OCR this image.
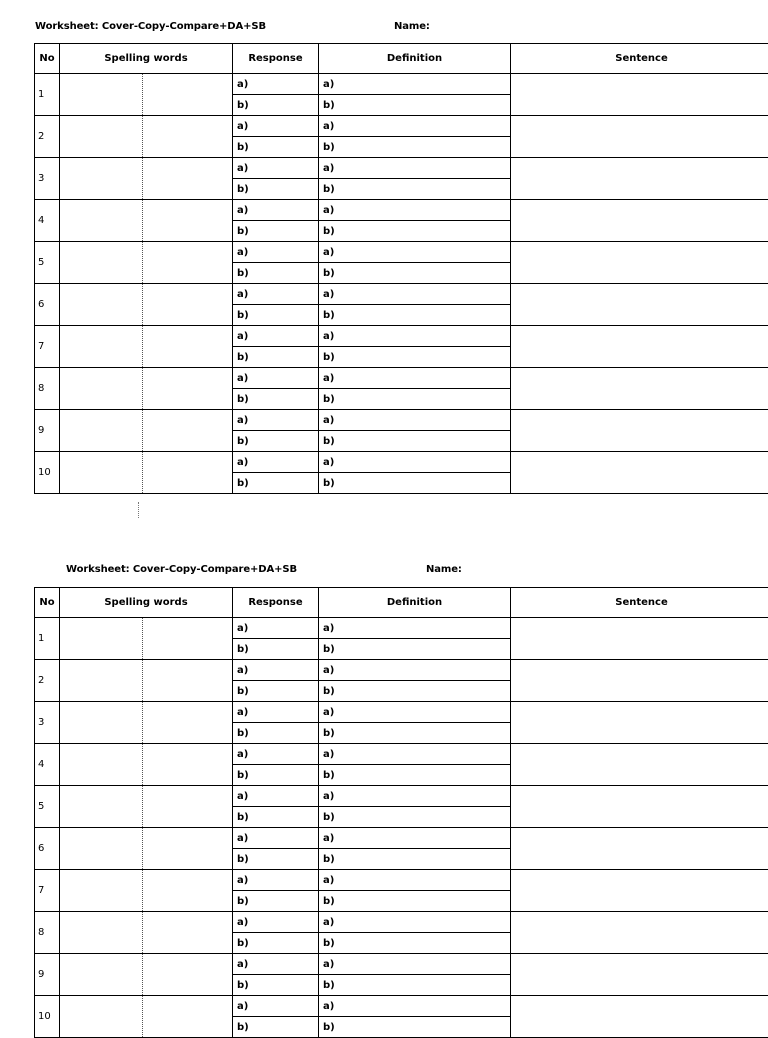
Worksheet: Cover-Copy-Compare+DA+SB	Name:
No	Spelling words	Response	Definition	Sentence
1		a)	a)	
		b)	b)	
2		a)	a)	
		b)	b)	
3		a)	a)	
		b)	b)	
4		a)	a)	
		b)	b)	
5		a)	a)	
		b)	b)	
6		a)	a)	
		b)	b)	
7		a)	a)	
		b)	b)	
8		a)	a)	
		b)	b)	
9		a)	a)	
		b)	b)	
10		a)	a)	
		b)	b)	
Worksheet: Cover-Copy-Compare+DA+SB	Name:
No	Spelling words	Response	Definition	Sentence
1		a)	a)	
		b)	b)	
2		a)	a)	
		b)	b)	
3		a)	a)	
		b)	b)	
4		a)	a)	
		b)	b)	
5		a)	a)	
		b)	b)	
6		a)	a)	
		b)	b)	
7		a)	a)	
		b)	b)	
8		a)	a)	
		b)	b)	
9		a)	a)	
		b)	b)	
10		a)	a)	
		b)	b)	
